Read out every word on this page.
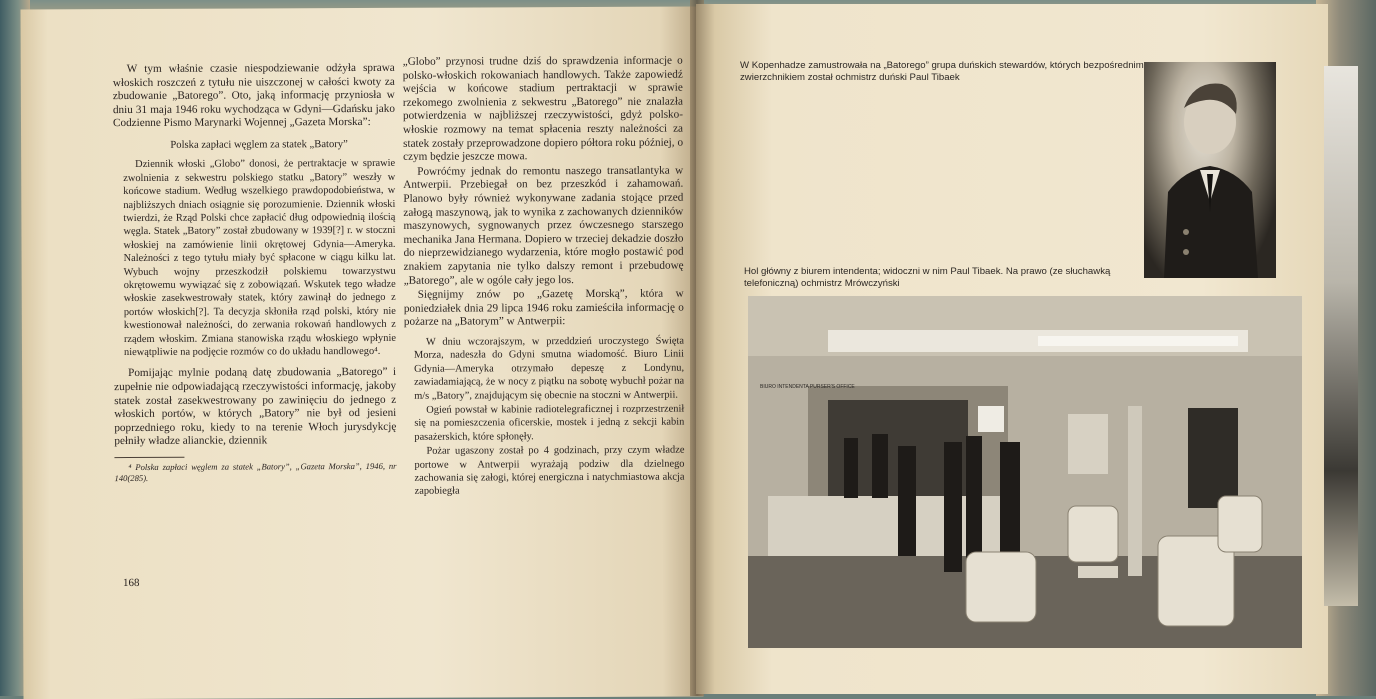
W tym właśnie czasie niespodziewanie odżyła sprawa włoskich roszczeń z tytułu nie uiszczonej w całości kwoty za zbudowanie „Batorego”. Oto, jaką informację przyniosła w dniu 31 maja 1946 roku wychodząca w Gdyni—Gdańsku jako Codzienne Pismo Marynarki Wojennej „Gazeta Morska”:

Polska zapłaci węglem za statek „Batory”

Dziennik włoski „Globo” donosi, że pertraktacje w sprawie zwolnienia z sekwestru polskiego statku „Batory” weszły w końcowe stadium. Według wszelkiego prawdopodobieństwa, w najbliższych dniach osiągnie się porozumienie. Dziennik włoski twierdzi, że Rząd Polski chce zapłacić dług odpowiednią ilością węgla. Statek „Batory” został zbudowany w 1939[?] r. w stoczni włoskiej na zamówienie linii okrętowej Gdynia—Ameryka. Należności z tego tytułu miały być spłacone w ciągu kilku lat. Wybuch wojny przeszkodził polskiemu towarzystwu okrętowemu wywiązać się z zobowiązań. Wskutek tego władze włoskie zasekwestrowały statek, który zawinął do jednego z portów włoskich[?]. Ta decyzja skłoniła rząd polski, który nie kwestionował należności, do zerwania rokowań handlowych z rządem włoskim. Zmiana stanowiska rządu włoskiego wpłynie niewątpliwie na podjęcie rozmów co do układu handlowego⁴.

Pomijając mylnie podaną datę zbudowania „Batorego” i zupełnie nie odpowiadającą rzeczywistości informację, jakoby statek został zasekwestrowany po zawinięciu do jednego z włoskich portów, w których „Batory” nie był od jesieni poprzedniego roku, kiedy to na terenie Włoch jurysdykcję pełniły władze alianckie, dziennik

⁴ Polska zapłaci węglem za statek „Batory”, „Gazeta Morska”, 1946, nr 140(285).

„Globo” przynosi trudne dziś do sprawdzenia informacje o polsko-włoskich rokowaniach handlowych. Także zapowiedź wejścia w końcowe stadium pertraktacji w sprawie rzekomego zwolnienia z sekwestru „Batorego” nie znalazła potwierdzenia w najbliższej rzeczywistości, gdyż polsko-włoskie rozmowy na temat spłacenia reszty należności za statek zostały przeprowadzone dopiero półtora roku później, o czym będzie jeszcze mowa.

Powróćmy jednak do remontu naszego transatlantyka w Antwerpii. Przebiegał on bez przeszkód i zahamowań. Planowo były również wykonywane zadania stojące przed załogą maszynową, jak to wynika z zachowanych dzienników maszynowych, sygnowanych przez ówczesnego starszego mechanika Jana Hermana. Dopiero w trzeciej dekadzie doszło do nieprzewidzianego wydarzenia, które mogło postawić pod znakiem zapytania nie tylko dalszy remont i przebudowę „Batorego”, ale w ogóle cały jego los.

Sięgnijmy znów po „Gazetę Morską”, która w poniedziałek dnia 29 lipca 1946 roku zamieściła informację o pożarze na „Batorym” w Antwerpii:

W dniu wczorajszym, w przeddzień uroczystego Święta Morza, nadeszła do Gdyni smutna wiadomość. Biuro Linii Gdynia—Ameryka otrzymało depeszę z Londynu, zawiadamiającą, że w nocy z piątku na sobotę wybuchł pożar na m/s „Batory”, znajdującym się obecnie na stoczni w Antwerpii.

Ogień powstał w kabinie radiotelegraficznej i rozprzestrzenił się na pomieszczenia oficerskie, mostek i jedną z sekcji kabin pasażerskich, które spłonęły.

Pożar ugaszony został po 4 godzinach, przy czym władze portowe w Antwerpii wyrażają podziw dla dzielnego zachowania się załogi, której energiczna i natychmiastowa akcja zapobiegła

168
W Kopenhadze zamustrowała na „Batorego” grupa duńskich stewardów, których bezpośrednim zwierzchnikiem został ochmistrz duński Paul Tibaek
Hol główny z biurem intendenta; widoczni w nim Paul Tibaek. Na prawo (ze słuchawką telefoniczną) ochmistrz Mrówczyński
BIURO INTENDENTA PURSER'S OFFICE
